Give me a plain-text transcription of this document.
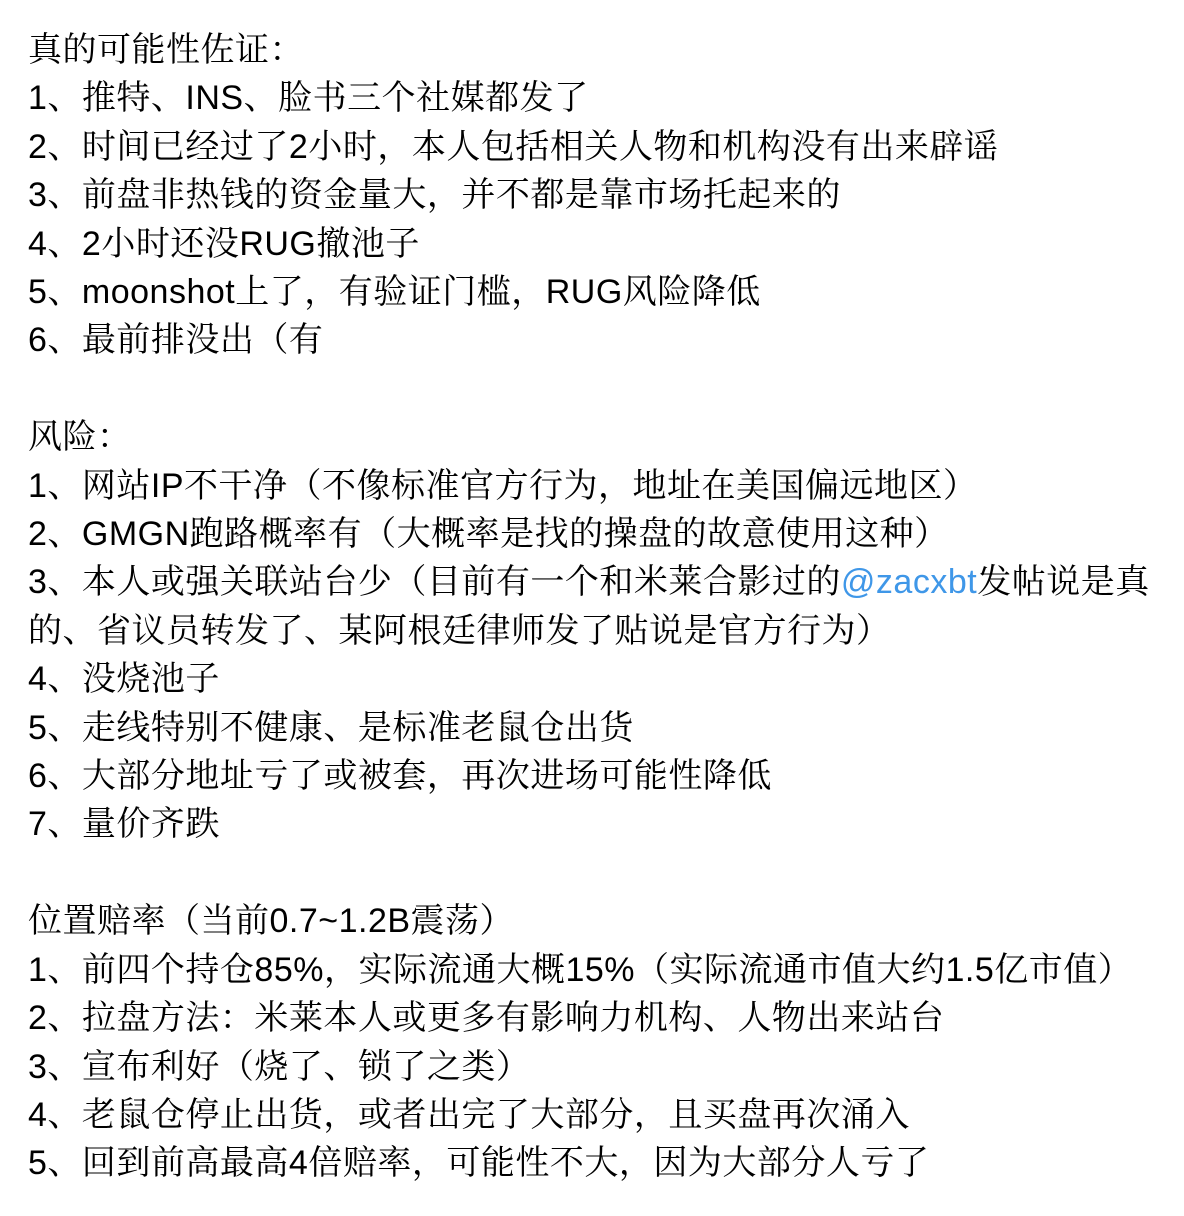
真的可能性佐证：
1、推特、INS、脸书三个社媒都发了
2、时间已经过了2小时，本人包括相关人物和机构没有出来辟谣
3、前盘非热钱的资金量大，并不都是靠市场托起来的
4、2小时还没RUG撤池子
5、moonshot上了，有验证门槛，RUG风险降低
6、最前排没出（有
风险：
1、网站IP不干净（不像标准官方行为，地址在美国偏远地区）
2、GMGN跑路概率有（大概率是找的操盘的故意使用这种）
3、本人或强关联站台少（目前有一个和米莱合影过的@zacxbt发帖说是真的、省议员转发了、某阿根廷律师发了贴说是官方行为）
4、没烧池子
5、走线特别不健康、是标准老鼠仓出货
6、大部分地址亏了或被套，再次进场可能性降低
7、量价齐跌
位置赔率（当前0.7~1.2B震荡）
1、前四个持仓85%，实际流通大概15%（实际流通市值大约1.5亿市值）
2、拉盘方法：米莱本人或更多有影响力机构、人物出来站台
3、宣布利好（烧了、锁了之类）
4、老鼠仓停止出货，或者出完了大部分，且买盘再次涌入
5、回到前高最高4倍赔率，可能性不大，因为大部分人亏了
